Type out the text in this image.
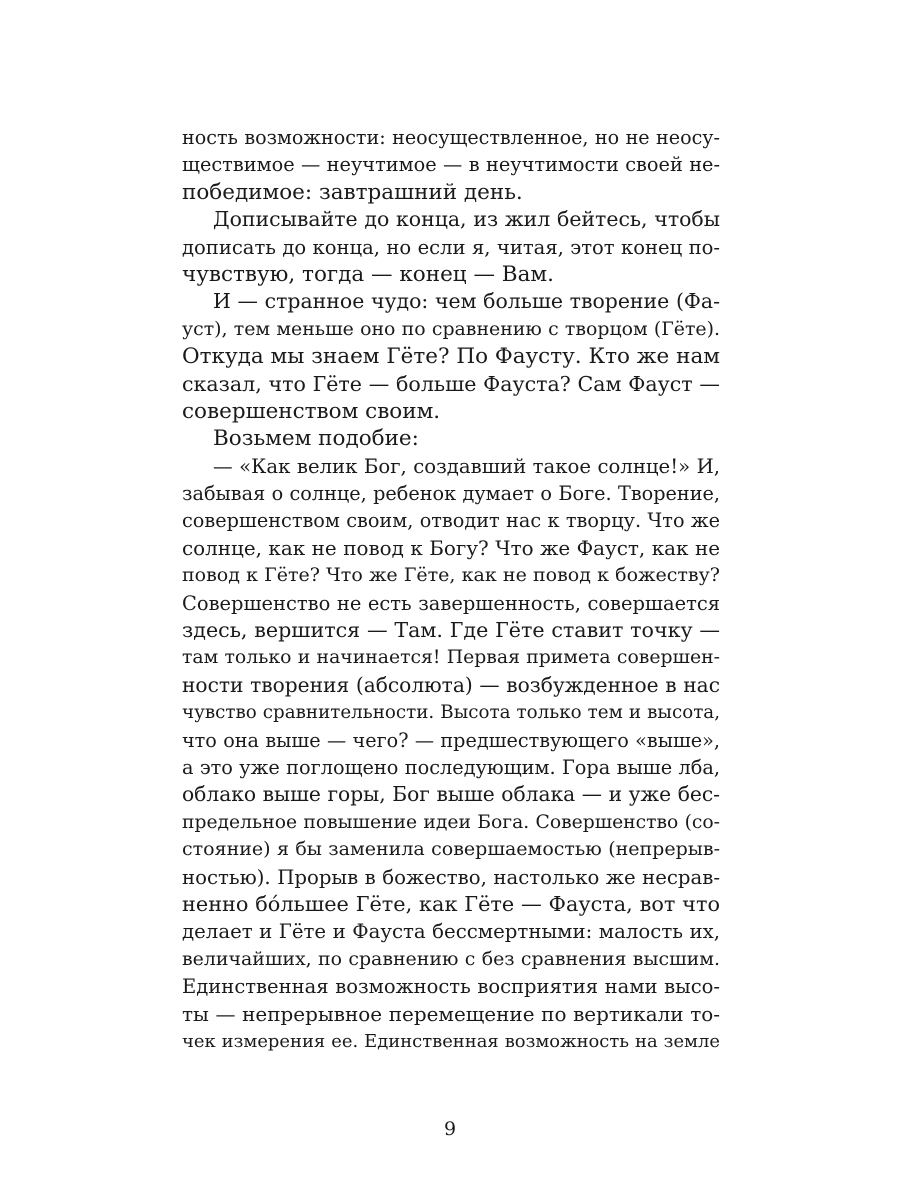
ность возможности: неосуществленное, но не неосу-
ществимое — неучтимое — в неучтимости своей не-
победимое: завтрашний день.
Дописывайте до конца, из жил бейтесь, чтобы
дописать до конца, но если я, читая, этот конец по-
чувствую, тогда — конец — Вам.
И — странное чудо: чем больше творение (Фа-
уст), тем меньше оно по сравнению с творцом (Гёте).
Откуда мы знаем Гёте? По Фаусту. Кто же нам
сказал, что Гёте — больше Фауста? Сам Фауст —
совершенством своим.
Возьмем подобие:
— «Как велик Бог, создавший такое солнце!» И,
забывая о солнце, ребенок думает о Боге. Творение,
совершенством своим, отводит нас к творцу. Что же
солнце, как не повод к Богу? Что же Фауст, как не
повод к Гёте? Что же Гёте, как не повод к божеству?
Совершенство не есть завершенность, совершается
здесь, вершится — Там. Где Гёте ставит точку —
там только и начинается! Первая примета совершен-
ности творения (абсолюта) — возбужденное в нас
чувство сравнительности. Высота только тем и высота,
что она выше — чего? — предшествующего «выше»,
а это уже поглощено последующим. Гора выше лба,
облако выше горы, Бог выше облака — и уже бес-
предельное повышение идеи Бога. Совершенство (со-
стояние) я бы заменила совершаемостью (непрерыв-
ностью). Прорыв в божество, настолько же несрав-
ненно бо́льшее Гёте, как Гёте — Фауста, вот что
делает и Гёте и Фауста бессмертными: малость их,
величайших, по сравнению с без сравнения высшим.
Единственная возможность восприятия нами высо-
ты — непрерывное перемещение по вертикали то-
чек измерения ее. Единственная возможность на земле
9
